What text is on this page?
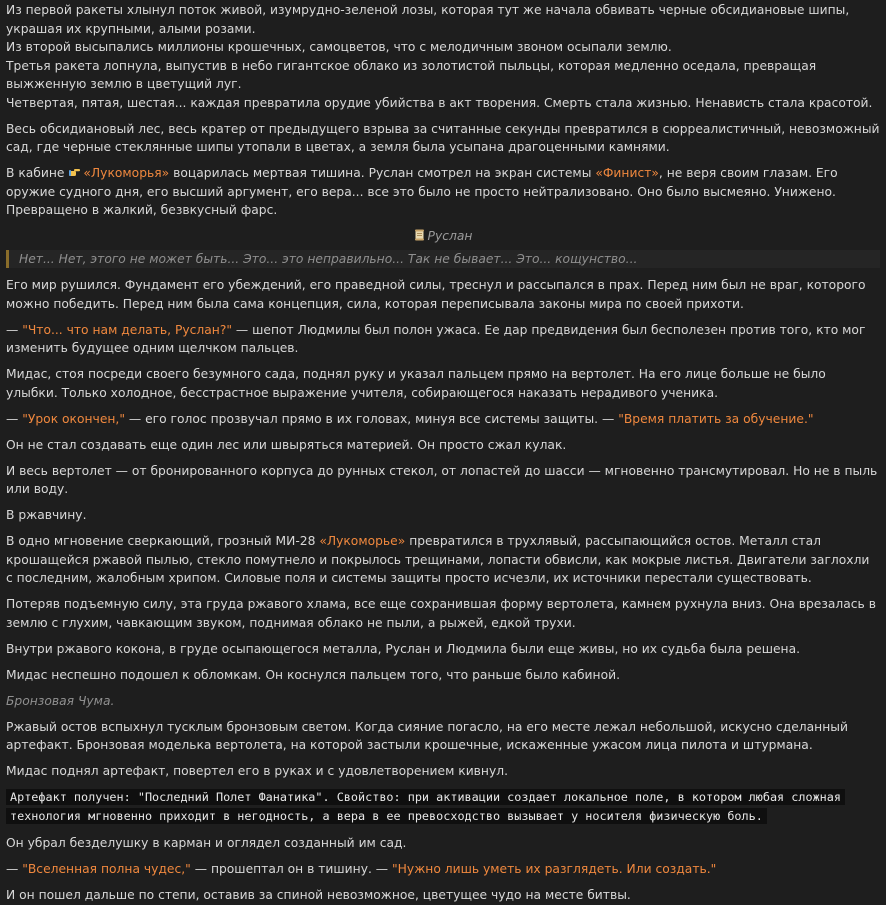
Из первой ракеты хлынул поток живой, изумрудно-зеленой лозы, которая тут же начала обвивать черные обсидиановые шипы, украшая их крупными, алыми розами.
Из второй высыпались миллионы крошечных, самоцветов, что с мелодичным звоном осыпали землю.
Третья ракета лопнула, выпустив в небо гигантское облако из золотистой пыльцы, которая медленно оседала, превращая выжженную землю в цветущий луг.
Четвертая, пятая, шестая... каждая превратила орудие убийства в акт творения. Смерть стала жизнью. Ненависть стала красотой.

Весь обсидиановый лес, весь кратер от предыдущего взрыва за считанные секунды превратился в сюрреалистичный, невозможный сад, где черные стеклянные шипы утопали в цветах, а земля была усыпана драгоценными камнями.

В кабине «Лукоморья» воцарилась мертвая тишина. Руслан смотрел на экран системы «Финист», не веря своим глазам. Его оружие судного дня, его высший аргумент, его вера... все это было не просто нейтрализовано. Оно было высмеяно. Унижено. Превращено в жалкий, безвкусный фарс.

Руслан
Нет... Нет, этого не может быть... Это... это неправильно... Так не бывает... Это... кощунство...

Его мир рушился. Фундамент его убеждений, его праведной силы, треснул и рассыпался в прах. Перед ним был не враг, которого можно победить. Перед ним была сама концепция, сила, которая переписывала законы мира по своей прихоти.

— "Что... что нам делать, Руслан?" — шепот Людмилы был полон ужаса. Ее дар предвидения был бесполезен против того, кто мог изменить будущее одним щелчком пальцев.

Мидас, стоя посреди своего безумного сада, поднял руку и указал пальцем прямо на вертолет. На его лице больше не было улыбки. Только холодное, бесстрастное выражение учителя, собирающегося наказать нерадивого ученика.

— "Урок окончен," — его голос прозвучал прямо в их головах, минуя все системы защиты. — "Время платить за обучение."

Он не стал создавать еще один лес или швыряться материей. Он просто сжал кулак.

И весь вертолет — от бронированного корпуса до рунных стекол, от лопастей до шасси — мгновенно трансмутировал. Но не в пыль или воду.

В ржавчину.

В одно мгновение сверкающий, грозный МИ-28 «Лукоморье» превратился в трухлявый, рассыпающийся остов. Металл стал крошащейся ржавой пылью, стекло помутнело и покрылось трещинами, лопасти обвисли, как мокрые листья. Двигатели заглохли с последним, жалобным хрипом. Силовые поля и системы защиты просто исчезли, их источники перестали существовать.

Потеряв подъемную силу, эта груда ржавого хлама, все еще сохранившая форму вертолета, камнем рухнула вниз. Она врезалась в землю с глухим, чавкающим звуком, поднимая облако не пыли, а рыжей, едкой трухи.

Внутри ржавого кокона, в груде осыпающегося металла, Руслан и Людмила были еще живы, но их судьба была решена.

Мидас неспешно подошел к обломкам. Он коснулся пальцем того, что раньше было кабиной.

Бронзовая Чума.

Ржавый остов вспыхнул тусклым бронзовым светом. Когда сияние погасло, на его месте лежал небольшой, искусно сделанный артефакт. Бронзовая моделька вертолета, на которой застыли крошечные, искаженные ужасом лица пилота и штурмана.

Мидас поднял артефакт, повертел его в руках и с удовлетворением кивнул.

Артефакт получен: "Последний Полет Фанатика". Свойство: при активации создает локальное поле, в котором любая сложная технология мгновенно приходит в негодность, а вера в ее превосходство вызывает у носителя физическую боль.

Он убрал безделушку в карман и оглядел созданный им сад.

— "Вселенная полна чудес," — прошептал он в тишину. — "Нужно лишь уметь их разглядеть. Или создать."

И он пошел дальше по степи, оставив за спиной невозможное, цветущее чудо на месте битвы.
